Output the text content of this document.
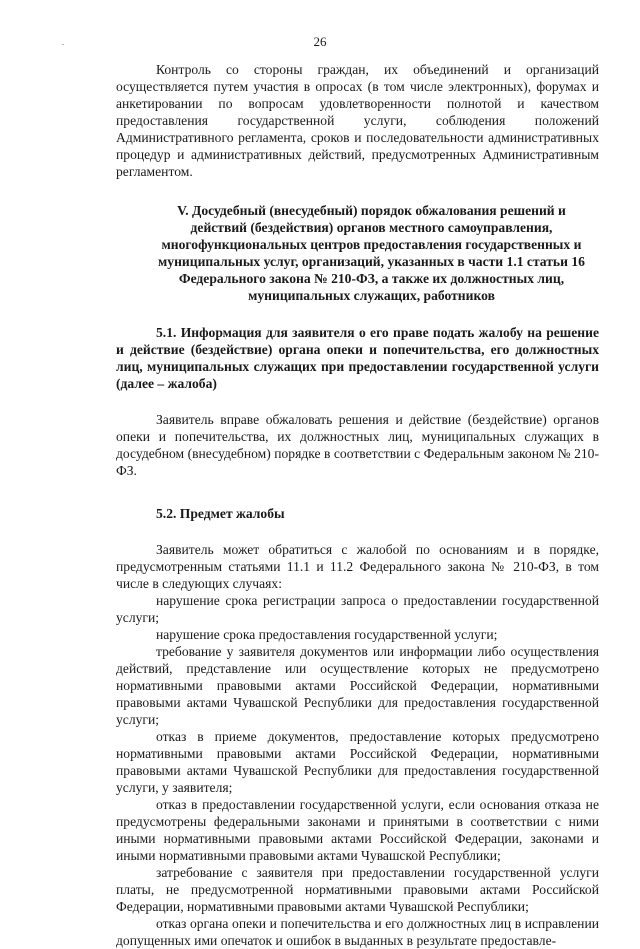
26

Контроль со стороны граждан, их объединений и организаций осуществляется путем участия в опросах (в том числе электронных), форумах и анкетировании по вопросам удовлетворенности полнотой и качеством предоставления государственной услуги, соблюдения положений Административного регламента, сроков и последовательности административных процедур и административных действий, предусмотренных Административным регламентом.

V. Досудебный (внесудебный) порядок обжалования решений и действий (бездействия) органов местного самоуправления, многофункциональных центров предоставления государственных и муниципальных услуг, организаций, указанных в части 1.1 статьи 16 Федерального закона № 210-ФЗ, а также их должностных лиц, муниципальных служащих, работников

5.1. Информация для заявителя о его праве подать жалобу на решение и действие (бездействие) органа опеки и попечительства, его должностных лиц, муниципальных служащих при предоставлении государственной услуги (далее – жалоба)

Заявитель вправе обжаловать решения и действие (бездействие) органов опеки и попечительства, их должностных лиц, муниципальных служащих в досудебном (внесудебном) порядке в соответствии с Федеральным законом № 210-ФЗ.

5.2. Предмет жалобы

Заявитель может обратиться с жалобой по основаниям и в порядке, предусмотренным статьями 11.1 и 11.2 Федерального закона № 210-ФЗ, в том числе в следующих случаях:

нарушение срока регистрации запроса о предоставлении государственной услуги;

нарушение срока предоставления государственной услуги;

требование у заявителя документов или информации либо осуществления действий, представление или осуществление которых не предусмотрено нормативными правовыми актами Российской Федерации, нормативными правовыми актами Чувашской Республики для предоставления государственной услуги;

отказ в приеме документов, предоставление которых предусмотрено нормативными правовыми актами Российской Федерации, нормативными правовыми актами Чувашской Республики для предоставления государственной услуги, у заявителя;

отказ в предоставлении государственной услуги, если основания отказа не предусмотрены федеральными законами и принятыми в соответствии с ними иными нормативными правовыми актами Российской Федерации, законами и иными нормативными правовыми актами Чувашской Республики;

затребование с заявителя при предоставлении государственной услуги платы, не предусмотренной нормативными правовыми актами Российской Федерации, нормативными правовыми актами Чувашской Республики;

отказ органа опеки и попечительства и его должностных лиц в исправлении допущенных ими опечаток и ошибок в выданных в результате предоставле-
